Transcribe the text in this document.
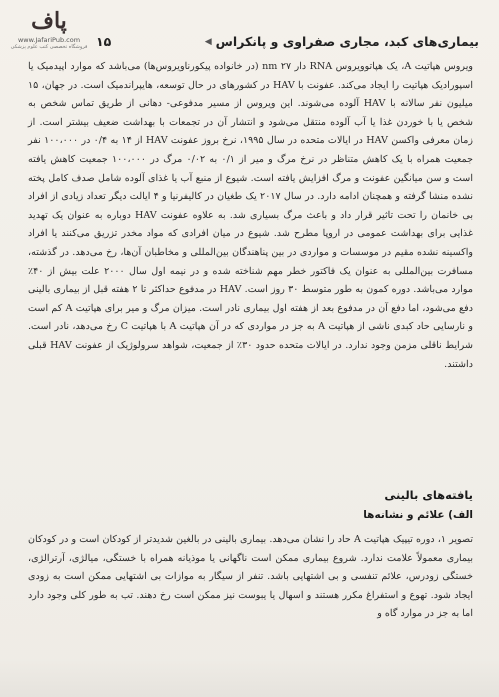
پاف
www.JafariPub.com
فروشگاه تخصصی کتب علوم پزشکی	بیماری‌های کبد، مجاری صفراوی و پانکراس
◀
۱۵

ویروس هپاتیت A، یک هپاتوویروس RNA دار ۲۷ nm (در خانواده پیکورناویروس‌ها) می‌باشد که موارد اپیدمیک یا اسپورادیک هپاتیت را ایجاد می‌کند. عفونت با HAV در کشورهای در حال توسعه، هایپراندمیک است. در جهان، ۱۵ میلیون نفر سالانه با HAV آلوده می‌شوند. این ویروس از مسیر مدفوعی- دهانی از طریق تماس شخص به شخص یا با خوردن غذا یا آب آلوده منتقل می‌شود و انتشار آن در تجمعات با بهداشت ضعیف بیشتر است. از زمان معرفی واکسن HAV در ایالات متحده در سال ۱۹۹۵، نرخ بروز عفونت HAV از ۱۴ به ۰/۴ در ۱۰۰،۰۰۰ نفر جمعیت همراه با یک کاهش متناظر در نرخ مرگ و میر از ۰/۱ به ۰/۰۲ مرگ در ۱۰۰،۰۰۰ جمعیت کاهش یافته است و سن میانگین عفونت و مرگ افزایش یافته است. شیوع از منبع آب یا غذای آلوده شامل صدف کامل پخته نشده منشا گرفته و همچنان ادامه دارد. در سال ۲۰۱۷ یک طغیان در کالیفرنیا و ۴ ایالت دیگر تعداد زیادی از افراد بی خانمان را تحت تاثیر قرار داد و باعث مرگ بسیاری شد. به علاوه عفونت HAV دوباره به عنوان یک تهدید غذایی برای بهداشت عمومی در اروپا مطرح شد. شیوع در میان افرادی که مواد مخدر تزریق می‌کنند یا افراد واکسینه نشده مقیم در موسسات و مواردی در بین پناهندگان بین‌المللی و مخاطبان آن‌ها، رخ می‌دهد. در گذشته، مسافرت بین‌المللی به عنوان یک فاکتور خطر مهم شناخته شده و در نیمه اول سال ۲۰۰۰ علت بیش از ۴۰٪ موارد می‌باشد. دوره کمون به طور متوسط ۳۰ روز است. HAV در مدفوع حداکثر تا ۲ هفته قبل از بیماری بالینی دفع می‌شود، اما دفع آن در مدفوع بعد از هفته اول بیماری نادر است. میزان مرگ و میر برای هپاتیت A کم است و نارسایی حاد کبدی ناشی از هپاتیت A به جز در مواردی که در آن هپاتیت A با هپاتیت C رخ می‌دهد، نادر است. شرایط ناقلی مزمن وجود ندارد. در ایالات متحده حدود ۳۰٪ از جمعیت، شواهد سرولوژیک از عفونت HAV قبلی داشتند.

یافته‌های بالینی
الف) علائم و نشانه‌ها

تصویر ۱، دوره تیپیک هپاتیت A حاد را نشان می‌دهد. بیماری بالینی در بالغین شدیدتر از کودکان است و در کودکان بیماری معمولاً علامت ندارد. شروع بیماری ممکن است ناگهانی یا موذیانه همراه با خستگی، میالژی، آرترالژی، خستگی زودرس، علائم تنفسی و بی اشتهایی باشد. تنفر از سیگار به موازات بی اشتهایی ممکن است به زودی ایجاد شود. تهوع و استفراغ مکرر هستند و اسهال یا یبوست نیز ممکن است رخ دهند. تب به طور کلی وجود دارد اما به جز در موارد گاه و
